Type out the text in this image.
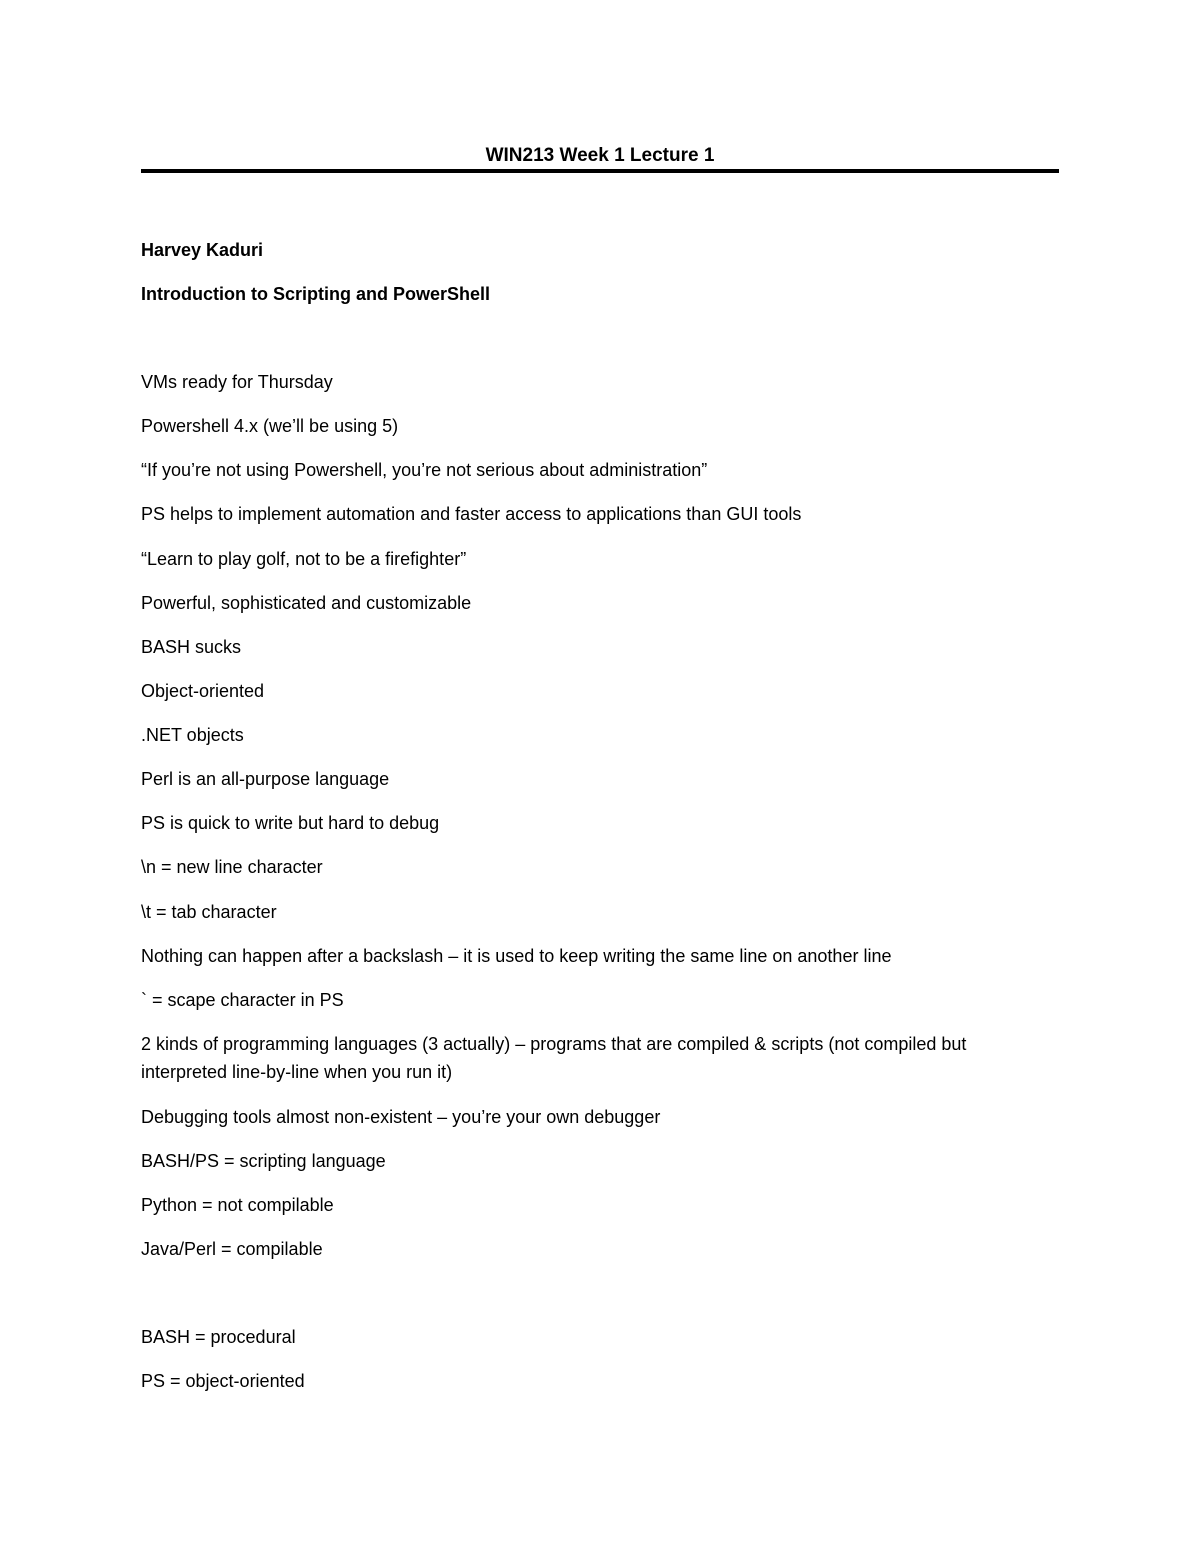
WIN213 Week 1 Lecture 1
Harvey Kaduri
Introduction to Scripting and PowerShell
VMs ready for Thursday
Powershell 4.x (we’ll be using 5)
“If you’re not using Powershell, you’re not serious about administration”
PS helps to implement automation and faster access to applications than GUI tools
“Learn to play golf, not to be a firefighter”
Powerful, sophisticated and customizable
BASH sucks
Object-oriented
.NET objects
Perl is an all-purpose language
PS is quick to write but hard to debug
\n = new line character
\t = tab character
Nothing can happen after a backslash – it is used to keep writing the same line on another line
` = scape character in PS
2 kinds of programming languages (3 actually) – programs that are compiled & scripts (not compiled but
interpreted line-by-line when you run it)
Debugging tools almost non-existent – you’re your own debugger
BASH/PS = scripting language
Python = not compilable
Java/Perl = compilable
BASH = procedural
PS = object-oriented
